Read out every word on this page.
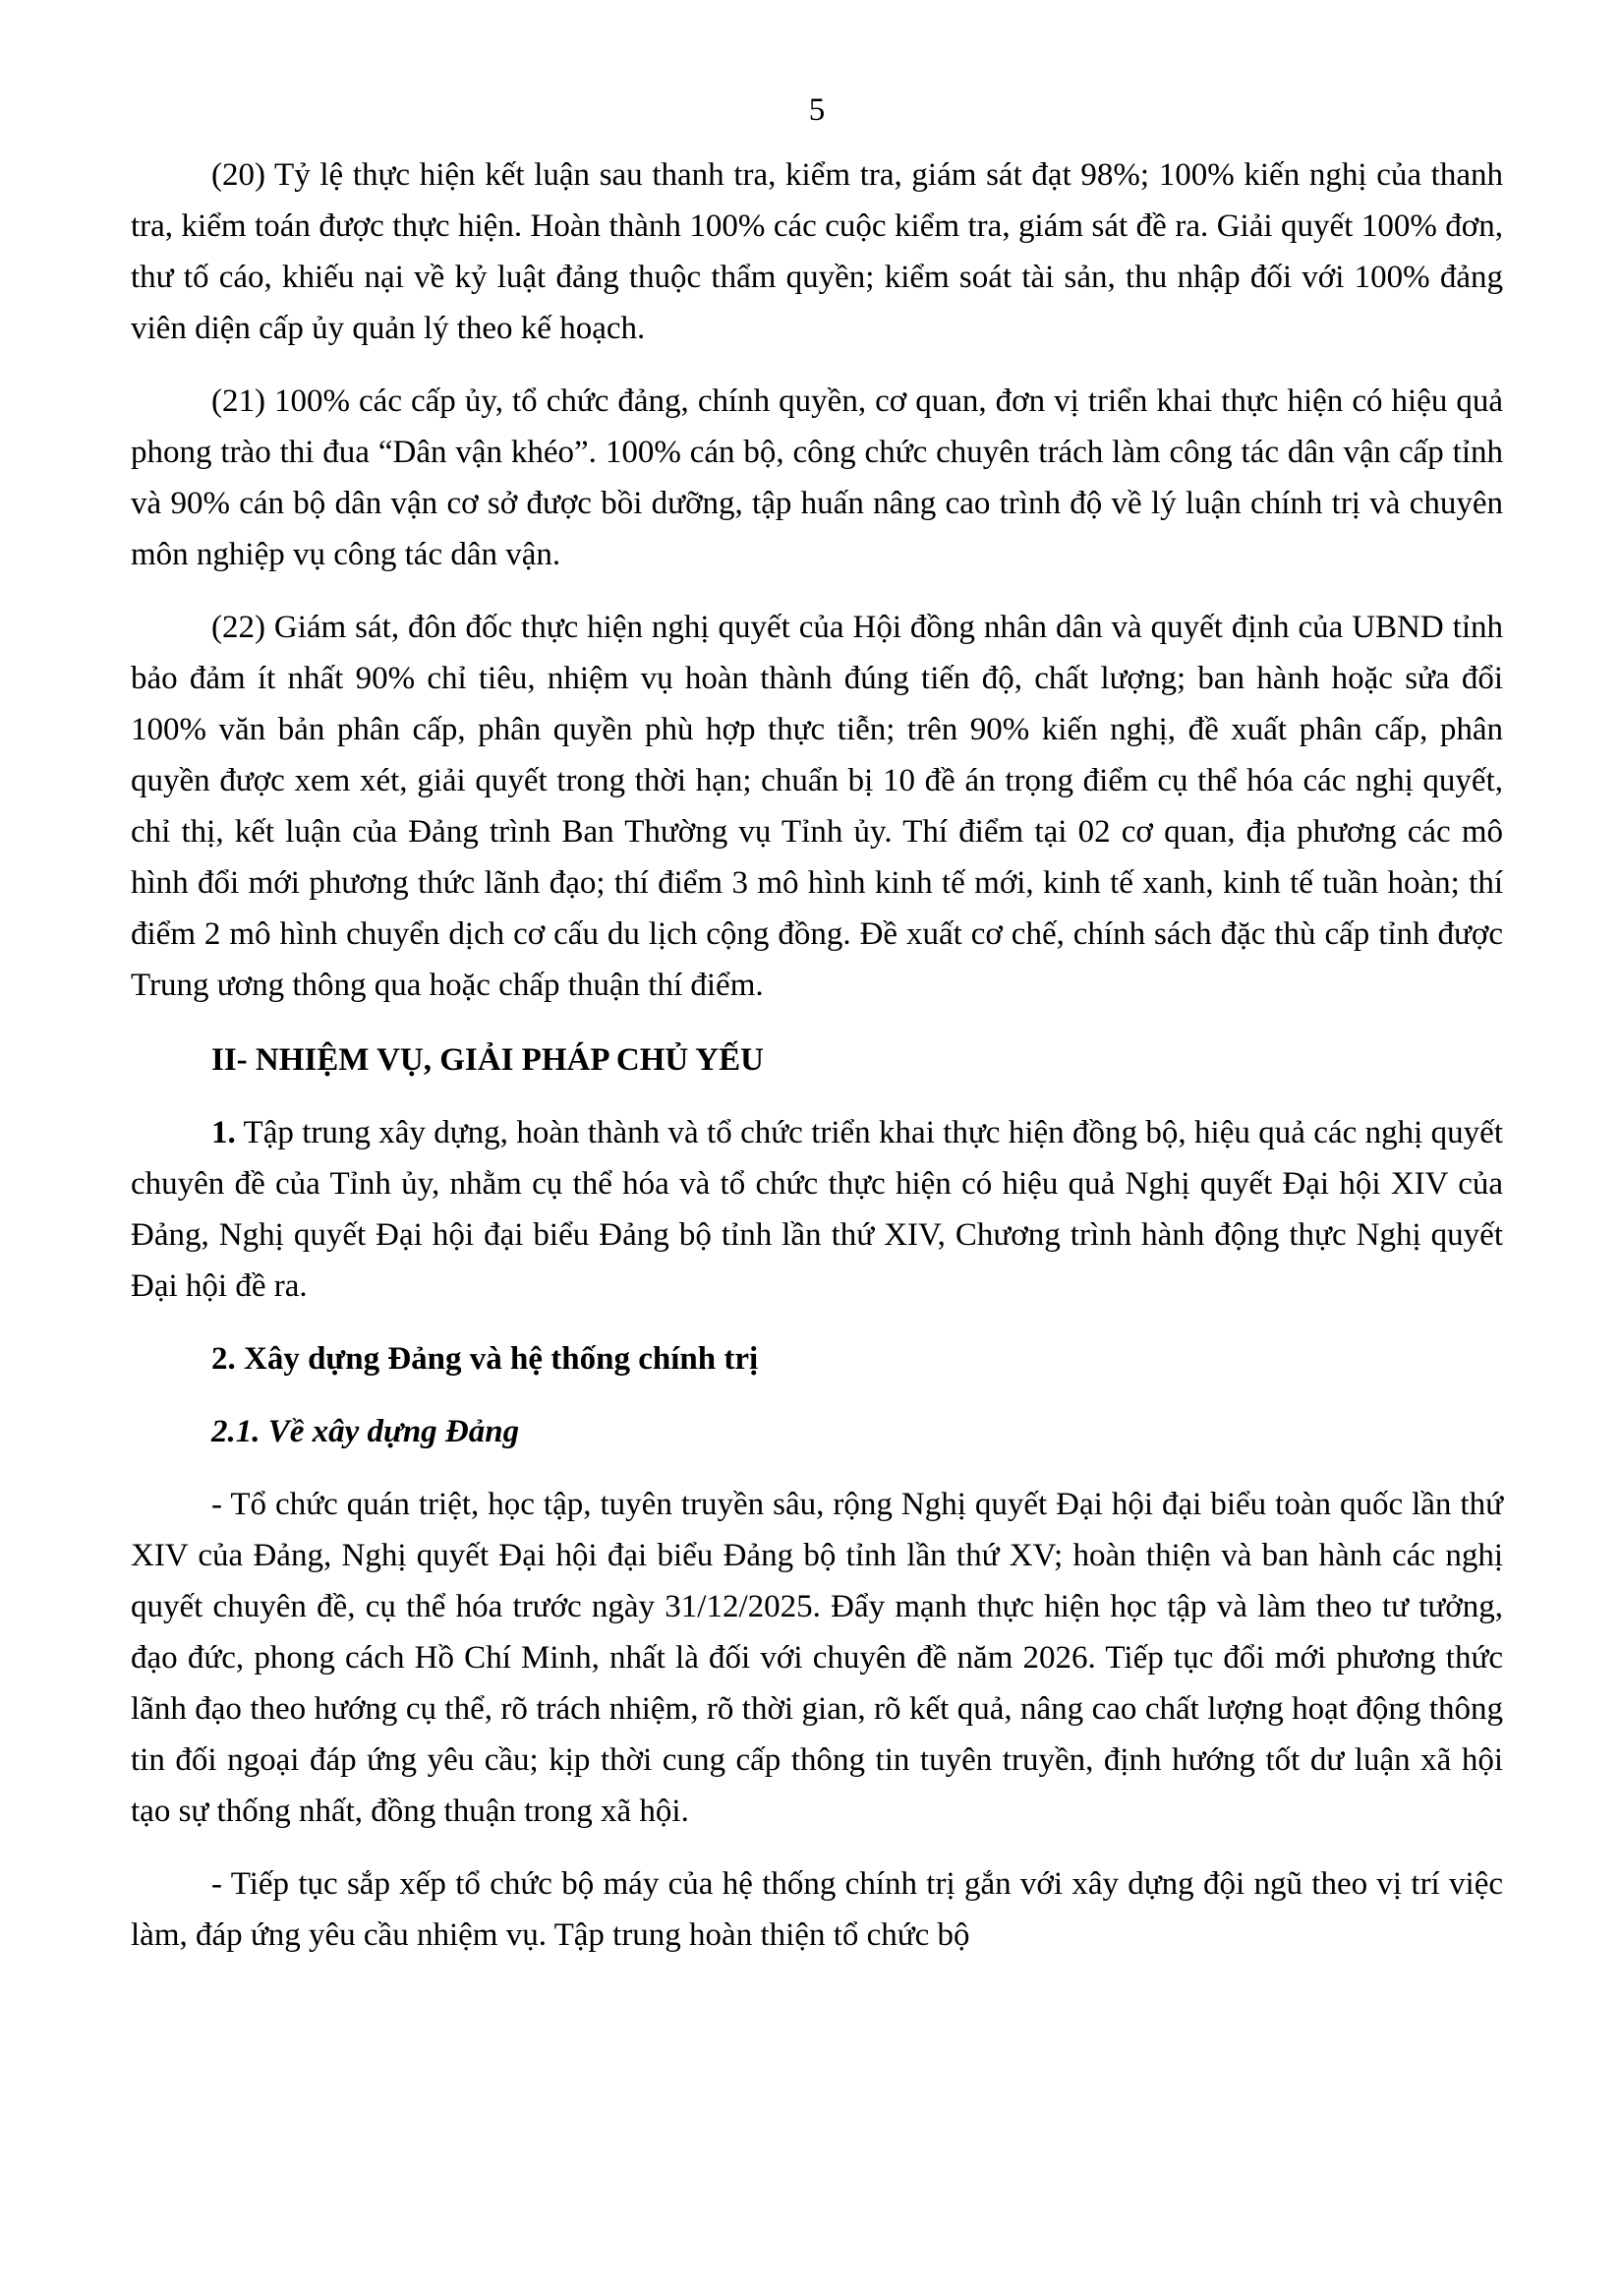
5

(20) Tỷ lệ thực hiện kết luận sau thanh tra, kiểm tra, giám sát đạt 98%; 100% kiến nghị của thanh tra, kiểm toán được thực hiện. Hoàn thành 100% các cuộc kiểm tra, giám sát đề ra. Giải quyết 100% đơn, thư tố cáo, khiếu nại về kỷ luật đảng thuộc thẩm quyền; kiểm soát tài sản, thu nhập đối với 100% đảng viên diện cấp ủy quản lý theo kế hoạch.

(21) 100% các cấp ủy, tổ chức đảng, chính quyền, cơ quan, đơn vị triển khai thực hiện có hiệu quả phong trào thi đua “Dân vận khéo”. 100% cán bộ, công chức chuyên trách làm công tác dân vận cấp tỉnh và 90% cán bộ dân vận cơ sở được bồi dưỡng, tập huấn nâng cao trình độ về lý luận chính trị và chuyên môn nghiệp vụ công tác dân vận.

(22) Giám sát, đôn đốc thực hiện nghị quyết của Hội đồng nhân dân và quyết định của UBND tỉnh bảo đảm ít nhất 90% chỉ tiêu, nhiệm vụ hoàn thành đúng tiến độ, chất lượng; ban hành hoặc sửa đổi 100% văn bản phân cấp, phân quyền phù hợp thực tiễn; trên 90% kiến nghị, đề xuất phân cấp, phân quyền được xem xét, giải quyết trong thời hạn; chuẩn bị 10 đề án trọng điểm cụ thể hóa các nghị quyết, chỉ thị, kết luận của Đảng trình Ban Thường vụ Tỉnh ủy. Thí điểm tại 02 cơ quan, địa phương các mô hình đổi mới phương thức lãnh đạo; thí điểm 3 mô hình kinh tế mới, kinh tế xanh, kinh tế tuần hoàn; thí điểm 2 mô hình chuyển dịch cơ cấu du lịch cộng đồng. Đề xuất cơ chế, chính sách đặc thù cấp tỉnh được Trung ương thông qua hoặc chấp thuận thí điểm.

II- NHIỆM VỤ, GIẢI PHÁP CHỦ YẾU

1. Tập trung xây dựng, hoàn thành và tổ chức triển khai thực hiện đồng bộ, hiệu quả các nghị quyết chuyên đề của Tỉnh ủy, nhằm cụ thể hóa và tổ chức thực hiện có hiệu quả Nghị quyết Đại hội XIV của Đảng, Nghị quyết Đại hội đại biểu Đảng bộ tỉnh lần thứ XIV, Chương trình hành động thực Nghị quyết Đại hội đề ra.

2. Xây dựng Đảng và hệ thống chính trị

2.1. Về xây dựng Đảng

- Tổ chức quán triệt, học tập, tuyên truyền sâu, rộng Nghị quyết Đại hội đại biểu toàn quốc lần thứ XIV của Đảng, Nghị quyết Đại hội đại biểu Đảng bộ tỉnh lần thứ XV; hoàn thiện và ban hành các nghị quyết chuyên đề, cụ thể hóa trước ngày 31/12/2025. Đẩy mạnh thực hiện học tập và làm theo tư tưởng, đạo đức, phong cách Hồ Chí Minh, nhất là đối với chuyên đề năm 2026. Tiếp tục đổi mới phương thức lãnh đạo theo hướng cụ thể, rõ trách nhiệm, rõ thời gian, rõ kết quả, nâng cao chất lượng hoạt động thông tin đối ngoại đáp ứng yêu cầu; kịp thời cung cấp thông tin tuyên truyền, định hướng tốt dư luận xã hội tạo sự thống nhất, đồng thuận trong xã hội.

- Tiếp tục sắp xếp tổ chức bộ máy của hệ thống chính trị gắn với xây dựng đội ngũ theo vị trí việc làm, đáp ứng yêu cầu nhiệm vụ. Tập trung hoàn thiện tổ chức bộ
